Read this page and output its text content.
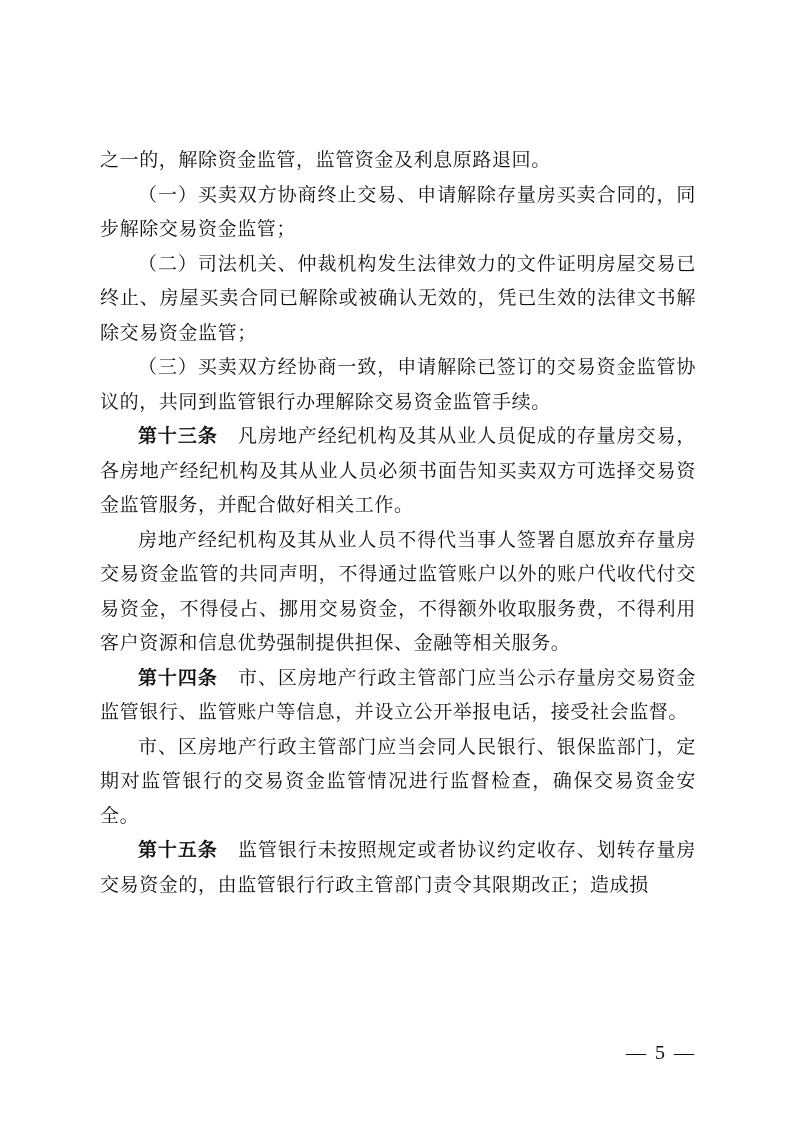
之一的，解除资金监管，监管资金及利息原路退回。

（一）买卖双方协商终止交易、申请解除存量房买卖合同的，同步解除交易资金监管；

（二）司法机关、仲裁机构发生法律效力的文件证明房屋交易已终止、房屋买卖合同已解除或被确认无效的，凭已生效的法律文书解除交易资金监管；

（三）买卖双方经协商一致，申请解除已签订的交易资金监管协议的，共同到监管银行办理解除交易资金监管手续。

第十三条 凡房地产经纪机构及其从业人员促成的存量房交易，各房地产经纪机构及其从业人员必须书面告知买卖双方可选择交易资金监管服务，并配合做好相关工作。

房地产经纪机构及其从业人员不得代当事人签署自愿放弃存量房交易资金监管的共同声明，不得通过监管账户以外的账户代收代付交易资金，不得侵占、挪用交易资金，不得额外收取服务费，不得利用客户资源和信息优势强制提供担保、金融等相关服务。

第十四条 市、区房地产行政主管部门应当公示存量房交易资金监管银行、监管账户等信息，并设立公开举报电话，接受社会监督。

市、区房地产行政主管部门应当会同人民银行、银保监部门，定期对监管银行的交易资金监管情况进行监督检查，确保交易资金安全。

第十五条 监管银行未按照规定或者协议约定收存、划转存量房交易资金的，由监管银行行政主管部门责令其限期改正；造成损

— 5 —
